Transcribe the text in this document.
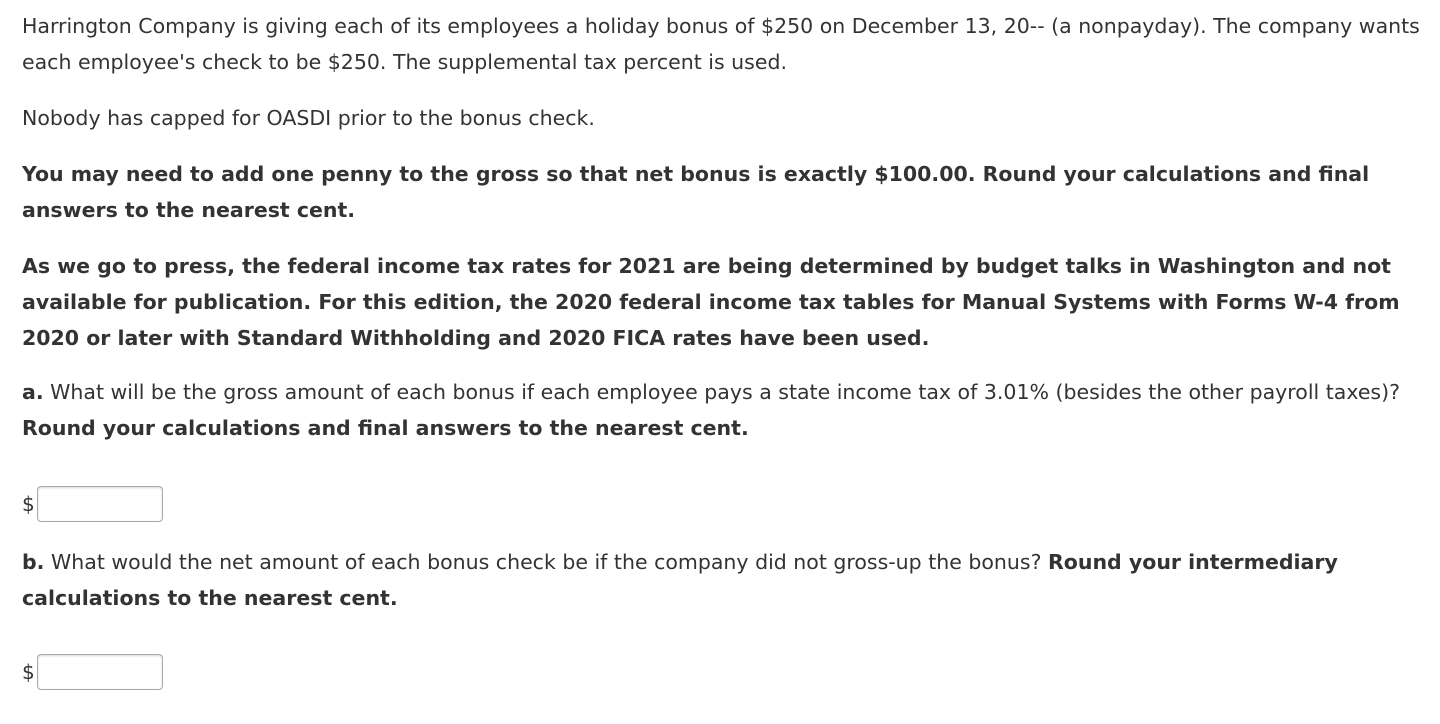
Harrington Company is giving each of its employees a holiday bonus of $250 on December 13, 20-- (a nonpayday). The company wants each employee's check to be $250. The supplemental tax percent is used.

Nobody has capped for OASDI prior to the bonus check.

You may need to add one penny to the gross so that net bonus is exactly $100.00. Round your calculations and final answers to the nearest cent.

As we go to press, the federal income tax rates for 2021 are being determined by budget talks in Washington and not available for publication. For this edition, the 2020 federal income tax tables for Manual Systems with Forms W-4 from 2020 or later with Standard Withholding and 2020 FICA rates have been used.

a. What will be the gross amount of each bonus if each employee pays a state income tax of 3.01% (besides the other payroll taxes)? Round your calculations and final answers to the nearest cent.

$

b. What would the net amount of each bonus check be if the company did not gross-up the bonus? Round your intermediary calculations to the nearest cent.

$
